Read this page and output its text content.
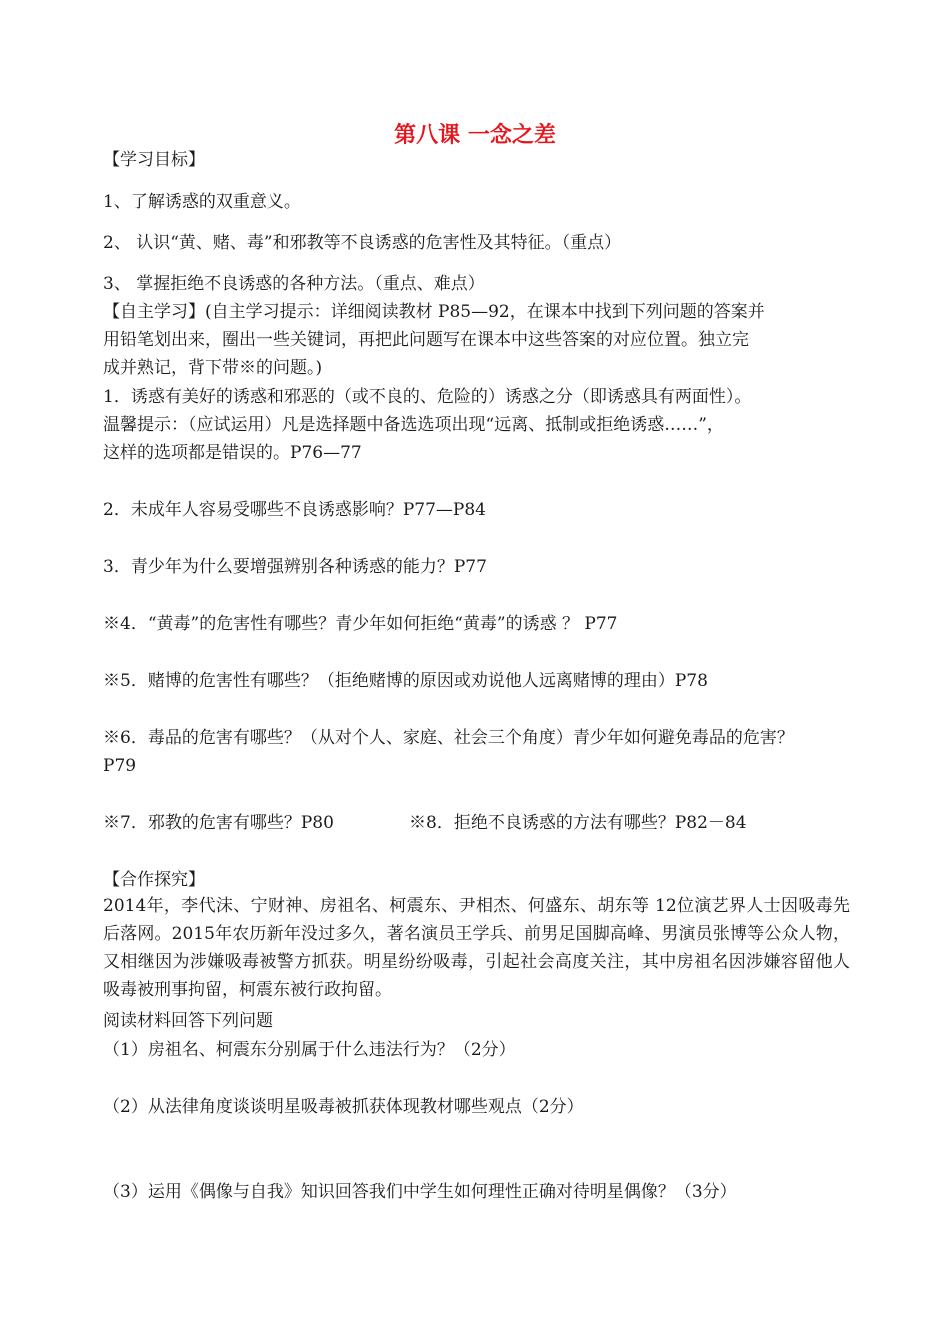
第八课 一念之差
【学习目标】
1、了解诱惑的双重意义。
2、 认识“黄、赌、毒”和邪教等不良诱惑的危害性及其特征。（重点）
3、 掌握拒绝不良诱惑的各种方法。（重点、难点）
【自主学习】(自主学习提示：详细阅读教材 P85—92，在课本中找到下列问题的答案并
用铅笔划出来，圈出一些关键词，再把此问题写在课本中这些答案的对应位置。独立完
成并熟记，背下带※的问题。)
1．诱惑有美好的诱惑和邪恶的（或不良的、危险的）诱惑之分（即诱惑具有两面性）。
温馨提示：（应试运用）凡是选择题中备选选项出现“远离、抵制或拒绝诱惑……”，
这样的选项都是错误的。P76—77
2．未成年人容易受哪些不良诱惑影响？P77—P84
3．青少年为什么要增强辨别各种诱惑的能力？P77
※4．“黄毒”的危害性有哪些？青少年如何拒绝“黄毒”的诱惑 ？ P77
※5．赌博的危害性有哪些？（拒绝赌博的原因或劝说他人远离赌博的理由）P78
※6．毒品的危害有哪些？（从对个人、家庭、社会三个角度）青少年如何避免毒品的危害？
P79
※7．邪教的危害有哪些？P80	※8．拒绝不良诱惑的方法有哪些？P82－84
【合作探究】
2014年，李代沫、宁财神、房祖名、柯震东、尹相杰、何盛东、胡东等 12位演艺界人士因吸毒先后落网。2015年农历新年没过多久，著名演员王学兵、前男足国脚高峰、男演员张博等公众人物，又相继因为涉嫌吸毒被警方抓获。明星纷纷吸毒，引起社会高度关注，其中房祖名因涉嫌容留他人吸毒被刑事拘留，柯震东被行政拘留。
阅读材料回答下列问题
（1）房祖名、柯震东分别属于什么违法行为？（2分）
（2）从法律角度谈谈明星吸毒被抓获体现教材哪些观点（2分）
（3）运用《偶像与自我》知识回答我们中学生如何理性正确对待明星偶像？（3分）
